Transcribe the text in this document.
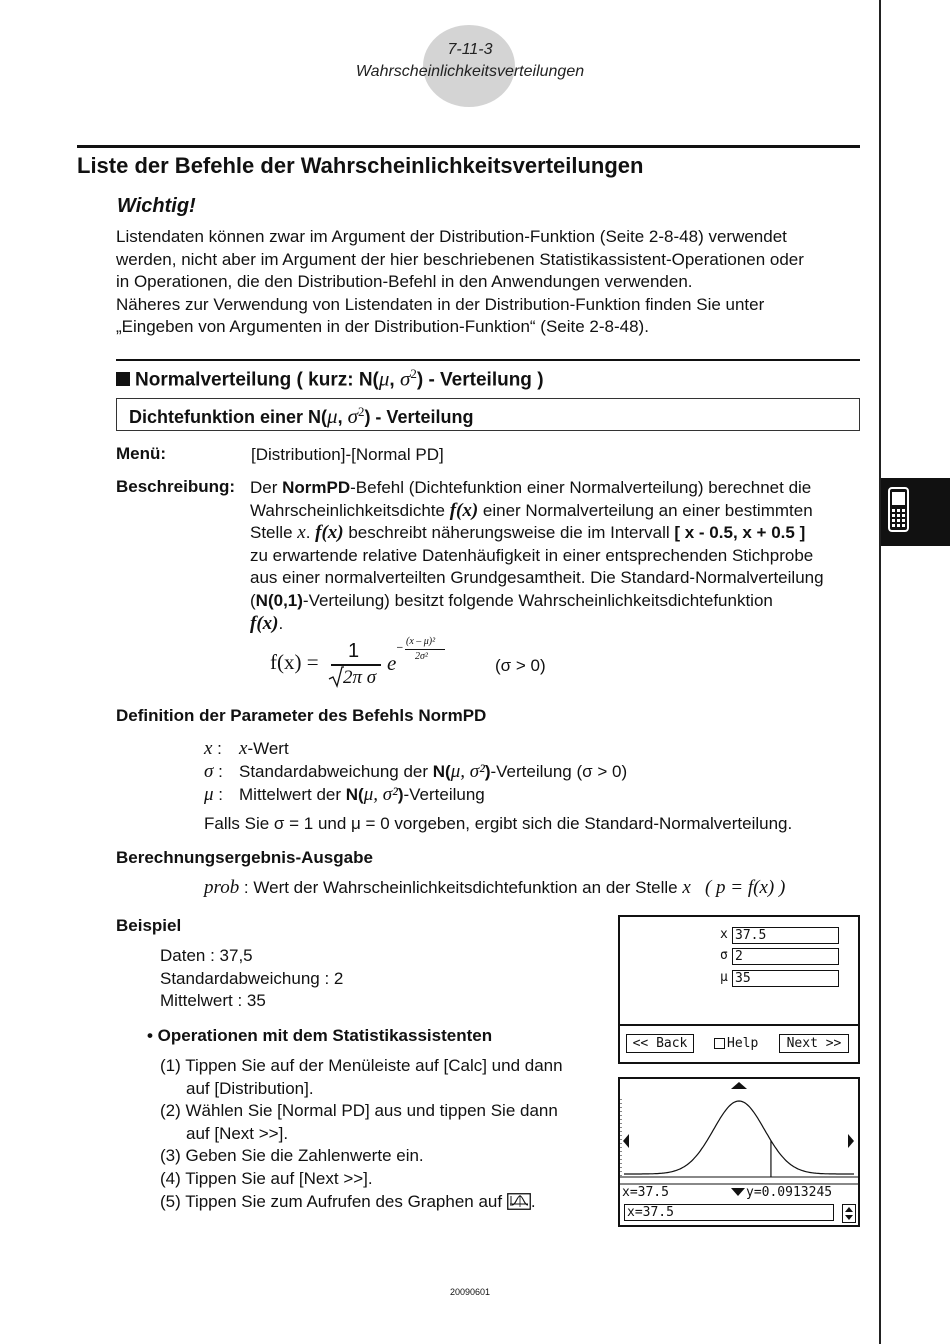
7-11-3
Wahrscheinlichkeitsverteilungen
Liste der Befehle der Wahrscheinlichkeitsverteilungen
Wichtig!
Listendaten können zwar im Argument der Distribution-Funktion (Seite 2-8-48) verwendet
werden, nicht aber im Argument der hier beschriebenen Statistikassistent-Operationen oder
in Operationen, die den Distribution-Befehl in den Anwendungen verwenden.
Näheres zur Verwendung von Listendaten in der Distribution-Funktion finden Sie unter
„Eingeben von Argumenten in der Distribution-Funktion“ (Seite 2-8-48).
Normalverteilung ( kurz: N(μ, $\sigma^2$) - Verteilung )
Dichtefunktion einer N(μ, $\sigma^2$) - Verteilung
Menü:	[Distribution]-[Normal PD]
Beschreibung: Der NormPD-Befehl (Dichtefunktion einer Normalverteilung) berechnet die
Wahrscheinlichkeitsdichte f(x) einer Normalverteilung an einer bestimmten
Stelle x. f(x) beschreibt näherungsweise die im Intervall [ x - 0.5, x + 0.5 ]
zu erwartende relative Datenhäufigkeit in einer entsprechenden Stichprobe
aus einer normalverteilten Grundgesamtheit. Die Standard-Normalverteilung
(N(0,1)-Verteilung) besitzt folgende Wahrscheinlichkeitsdichtefunktion
f(x).
f(x) = 1
2π σ
e
–
(x – μ)²
2σ²	(σ > 0)
Definition der Parameter des Befehls NormPD
x : x-Wert
σ : Standardabweichung der N(μ, σ²)-Verteilung (σ > 0)
μ : Mittelwert der N(μ, σ²)-Verteilung
Falls Sie σ = 1 und μ = 0 vorgeben, ergibt sich die Standard-Normalverteilung.
Berechnungsergebnis-Ausgabe
prob : Wert der Wahrscheinlichkeitsdichtefunktion an der Stelle x ( p = f(x) )
Beispiel
Daten : 37,5
Standardabweichung : 2
Mittelwert : 35
• Operationen mit dem Statistikassistenten
(1) Tippen Sie auf der Menüleiste auf [Calc] und dann
auf [Distribution].
(2) Wählen Sie [Normal PD] aus und tippen Sie dann
auf [Next >>].
(3) Geben Sie die Zahlenwerte ein.
(4) Tippen Sie auf [Next >>].
(5) Tippen Sie zum Aufrufen des Graphen auf .
x 37.5
σ 2
μ 35
<< Back	Help	Next >>
x=37.5	y=0.0913245
x=37.5
20090601
